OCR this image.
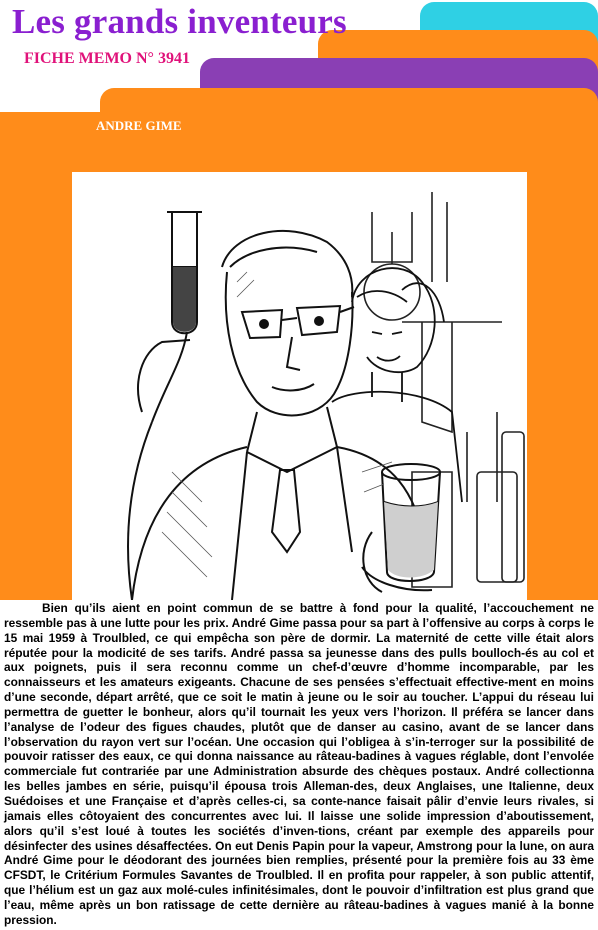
Les grands inventeurs
FICHE MEMO N° 3941
ANDRE GIME

Bien qu’ils aient en point commun de se battre à fond pour la qualité, l’accouchement ne ressemble pas à une lutte pour les prix. André Gime passa pour sa part à l’offensive au corps à corps le 15 mai 1959 à Troulbled, ce qui empêcha son père de dormir. La maternité de cette ville était alors réputée pour la modicité de ses tarifs. André passa sa jeunesse dans des pulls boulloch-és au col et aux poignets, puis il sera reconnu comme un chef-d’œuvre d’homme incomparable, par les connaisseurs et les amateurs exigeants. Chacune de ses pensées s’effectuait effective-ment en moins d’une seconde, départ arrêté, que ce soit le matin à jeune ou le soir au toucher. L’appui du réseau lui permettra de guetter le bonheur, alors qu’il tournait les yeux vers l’horizon. Il préféra se lancer dans l’analyse de l’odeur des figues chaudes, plutôt que de danser au casino, avant de se lancer dans l’observation du rayon vert sur l’océan. Une occasion qui l’obligea à s’in-terroger sur la possibilité de pouvoir ratisser des eaux, ce qui donna naissance au râteau-badines à vagues réglable, dont l’envolée commerciale fut contrariée par une Administration absurde des chèques postaux. André collectionna les belles jambes en série, puisqu’il épousa trois Alleman-des, deux Anglaises, une Italienne, deux Suédoises et une Française et d’après celles-ci, sa conte-nance faisait pâlir d’envie leurs rivales, si jamais elles côtoyaient des concurrentes avec lui. Il laisse une solide impression d’aboutissement, alors qu’il s’est loué à toutes les sociétés d’inven-tions, créant par exemple des appareils pour désinfecter des usines désaffectées. On eut Denis Papin pour la vapeur, Amstrong pour la lune, on aura André Gime pour le déodorant des journées bien remplies, présenté pour la première fois au 33 ème CFSDT, le Critérium Formules Savantes de Troulbled. Il en profita pour rappeler, à son public attentif, que l’hélium est un gaz aux molé-cules infinitésimales, dont le pouvoir d’infiltration est plus grand que l’eau, même après un bon ratissage de cette dernière au râteau-badines à vagues manié à la bonne pression.
